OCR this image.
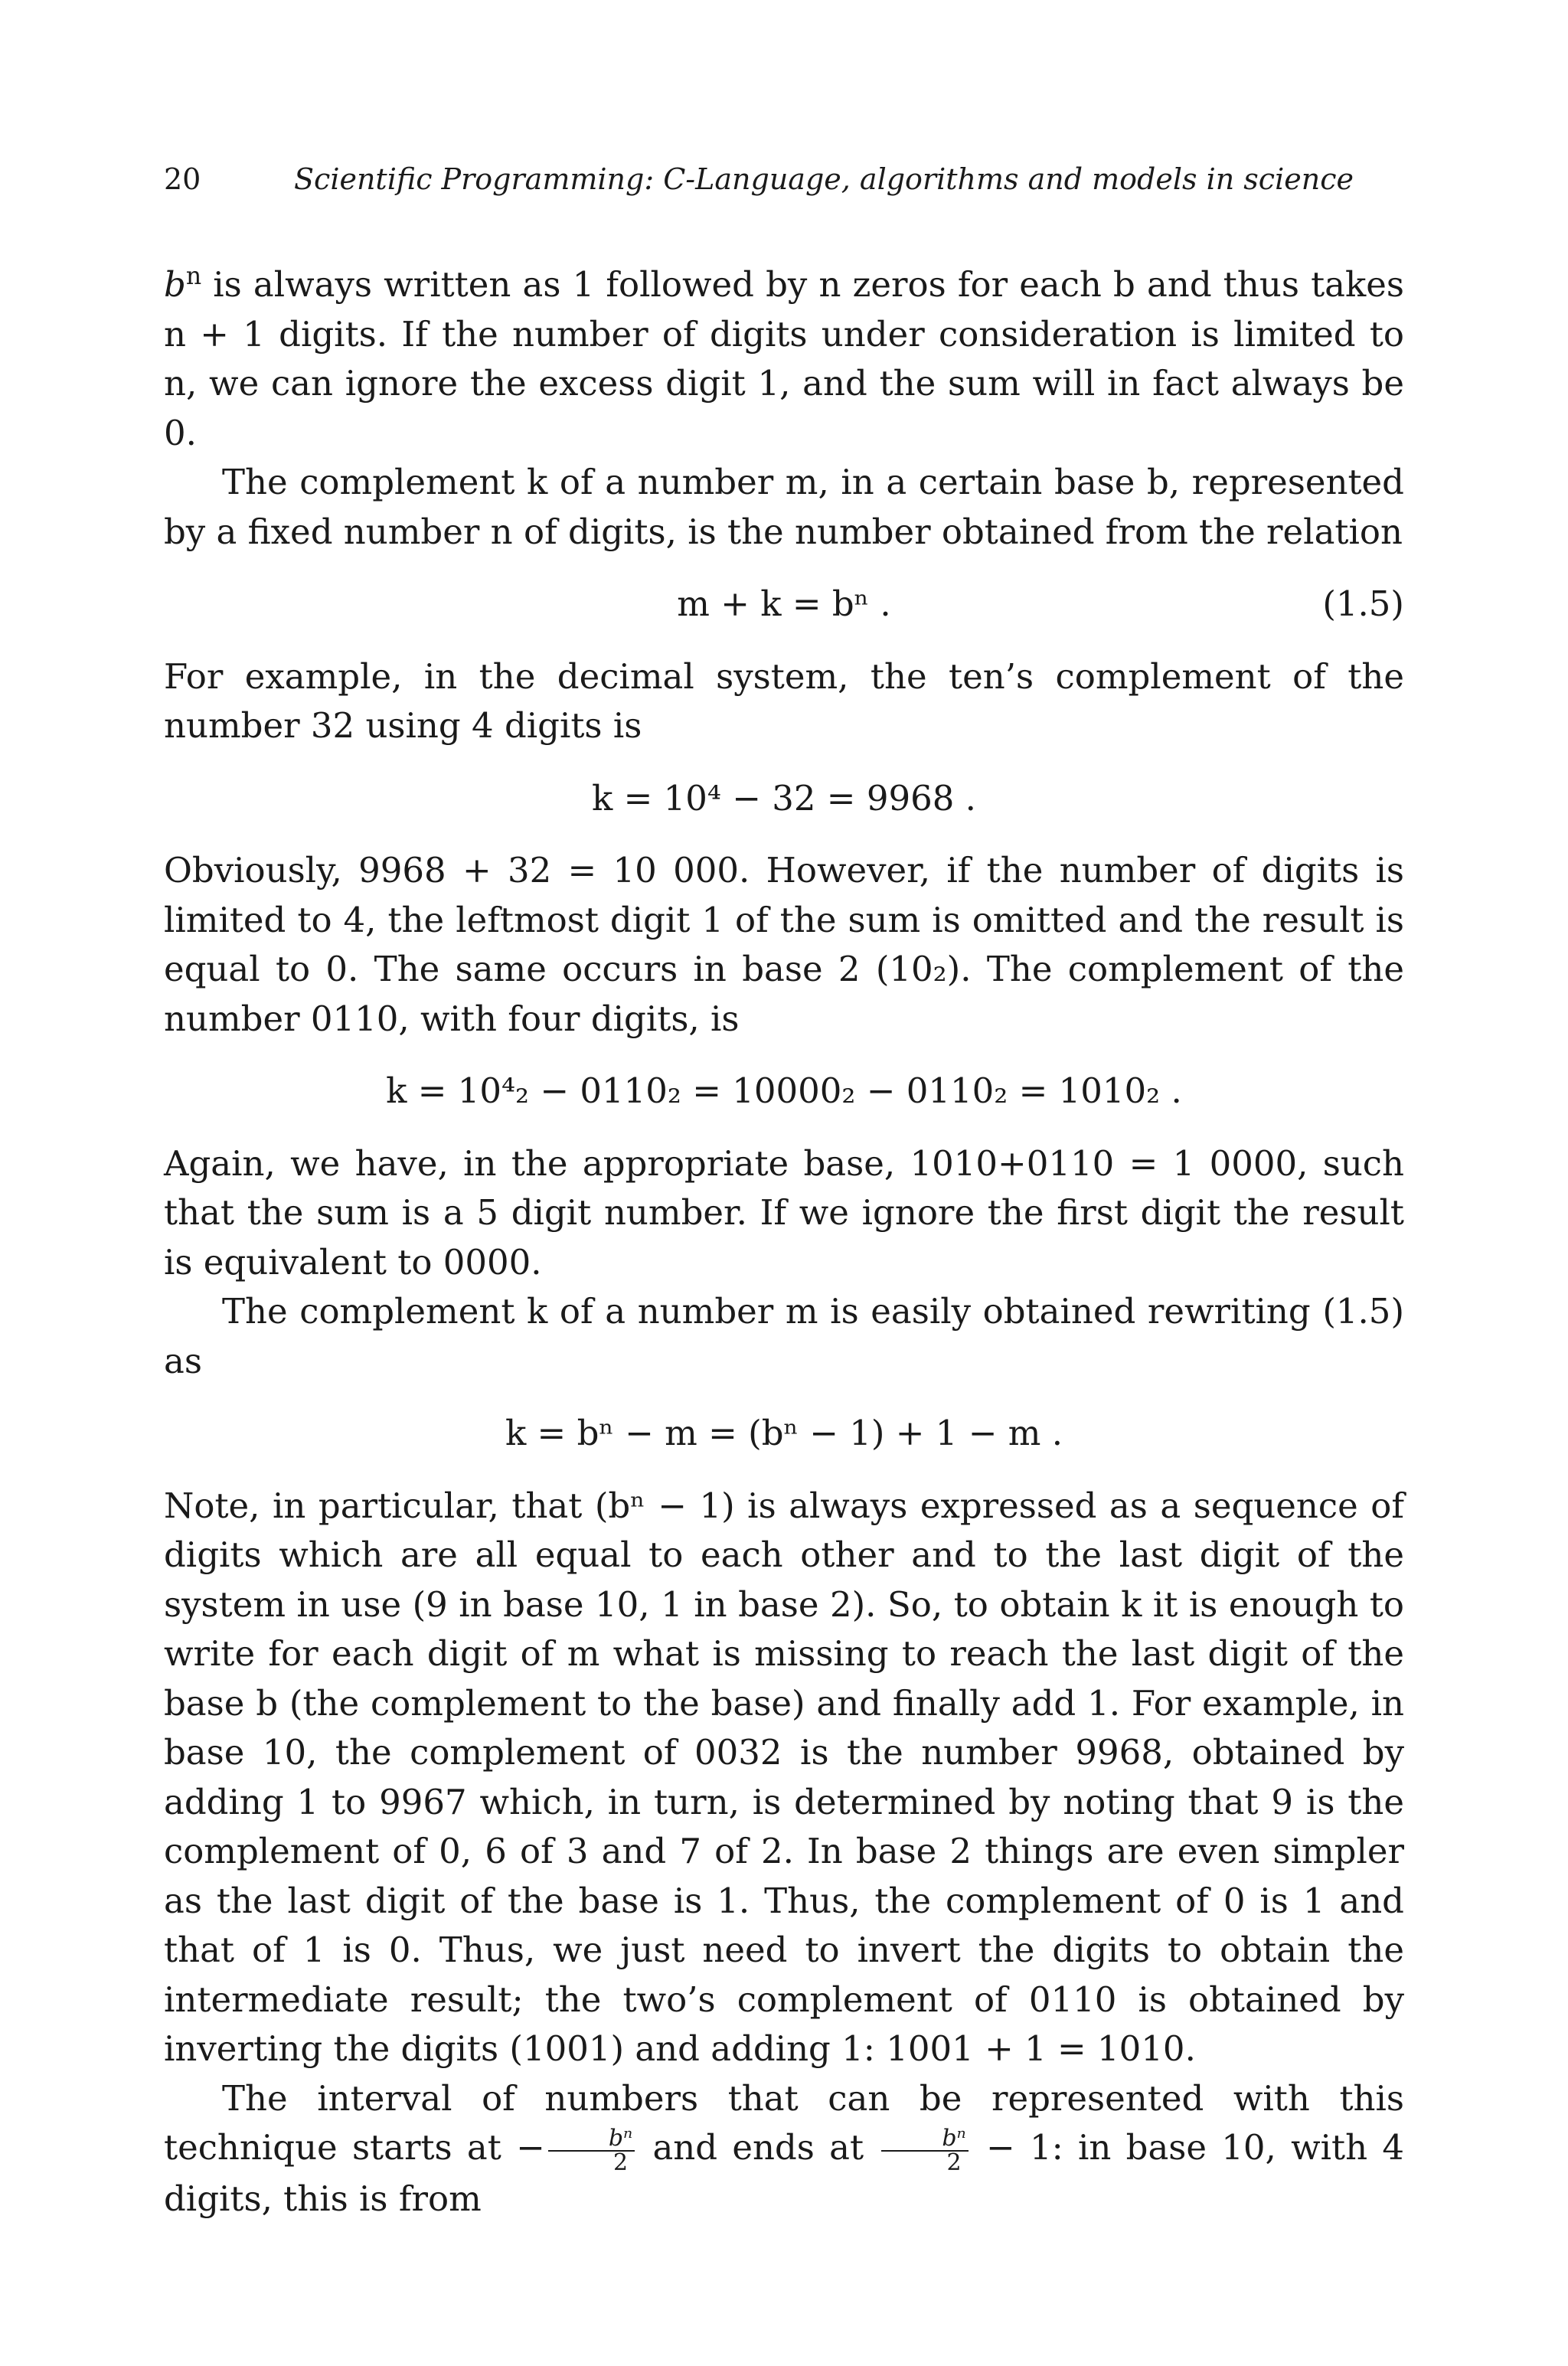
20	Scientific Programming: C-Language, algorithms and models in science

$b^n$ is always written as 1 followed by n zeros for each b and thus takes n + 1 digits. If the number of digits under consideration is limited to n, we can ignore the excess digit 1, and the sum will in fact always be 0.

The complement k of a number m, in a certain base b, represented by a fixed number n of digits, is the number obtained from the relation

m + k = bⁿ .	(1.5)

For example, in the decimal system, the ten’s complement of the number 32 using 4 digits is

k = 10⁴ − 32 = 9968 .

Obviously, 9968 + 32 = 10 000. However, if the number of digits is limited to 4, the leftmost digit 1 of the sum is omitted and the result is equal to 0. The same occurs in base 2 (10₂). The complement of the number 0110, with four digits, is

k = 10⁴₂ − 0110₂ = 10000₂ − 0110₂ = 1010₂ .

Again, we have, in the appropriate base, 1010+0110 = 1 0000, such that the sum is a 5 digit number. If we ignore the first digit the result is equivalent to 0000.

The complement k of a number m is easily obtained rewriting (1.5) as

k = bⁿ − m = (bⁿ − 1) + 1 − m .

Note, in particular, that (bⁿ − 1) is always expressed as a sequence of digits which are all equal to each other and to the last digit of the system in use (9 in base 10, 1 in base 2). So, to obtain k it is enough to write for each digit of m what is missing to reach the last digit of the base b (the complement to the base) and finally add 1. For example, in base 10, the complement of 0032 is the number 9968, obtained by adding 1 to 9967 which, in turn, is determined by noting that 9 is the complement of 0, 6 of 3 and 7 of 2. In base 2 things are even simpler as the last digit of the base is 1. Thus, the complement of 0 is 1 and that of 1 is 0. Thus, we just need to invert the digits to obtain the intermediate result; the two’s complement of 0110 is obtained by inverting the digits (1001) and adding 1: 1001 + 1 = 1010.

The interval of numbers that can be represented with this technique starts at − $\frac{\text{bⁿ}}{2}$ and ends at $\frac{\text{bⁿ}}{2} - 1$: in base 10, with 4 digits, this is from
